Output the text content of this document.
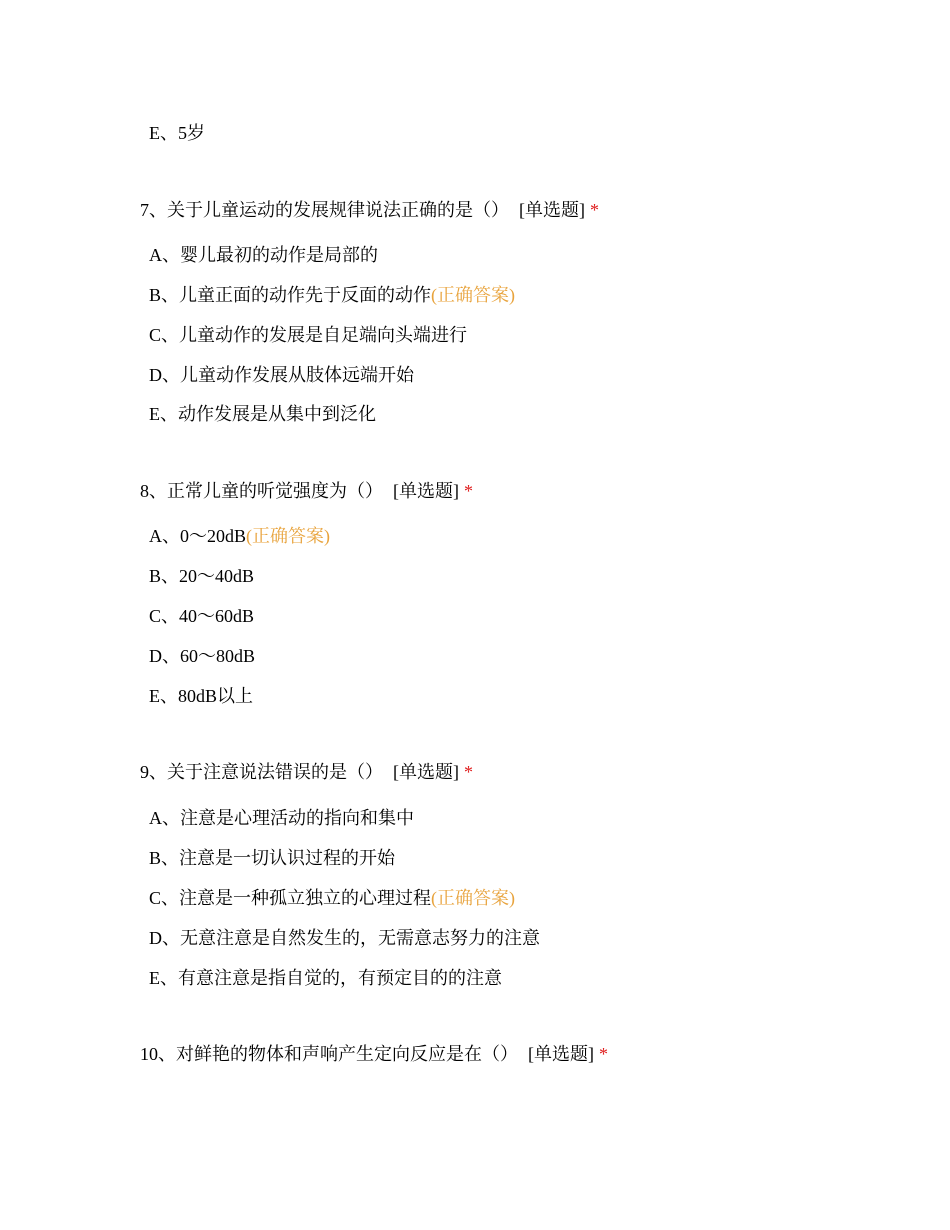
E、5岁
7、关于儿童运动的发展规律说法正确的是（） [单选题] *
A、婴儿最初的动作是局部的
B、儿童正面的动作先于反面的动作(正确答案)
C、儿童动作的发展是自足端向头端进行
D、儿童动作发展从肢体远端开始
E、动作发展是从集中到泛化
8、正常儿童的听觉强度为（） [单选题] *
A、0～20dB(正确答案)
B、20～40dB
C、40～60dB
D、60～80dB
E、80dB以上
9、关于注意说法错误的是（） [单选题] *
A、注意是心理活动的指向和集中
B、注意是一切认识过程的开始
C、注意是一种孤立独立的心理过程(正确答案)
D、无意注意是自然发生的，无需意志努力的注意
E、有意注意是指自觉的，有预定目的的注意
10、对鲜艳的物体和声响产生定向反应是在（） [单选题] *
